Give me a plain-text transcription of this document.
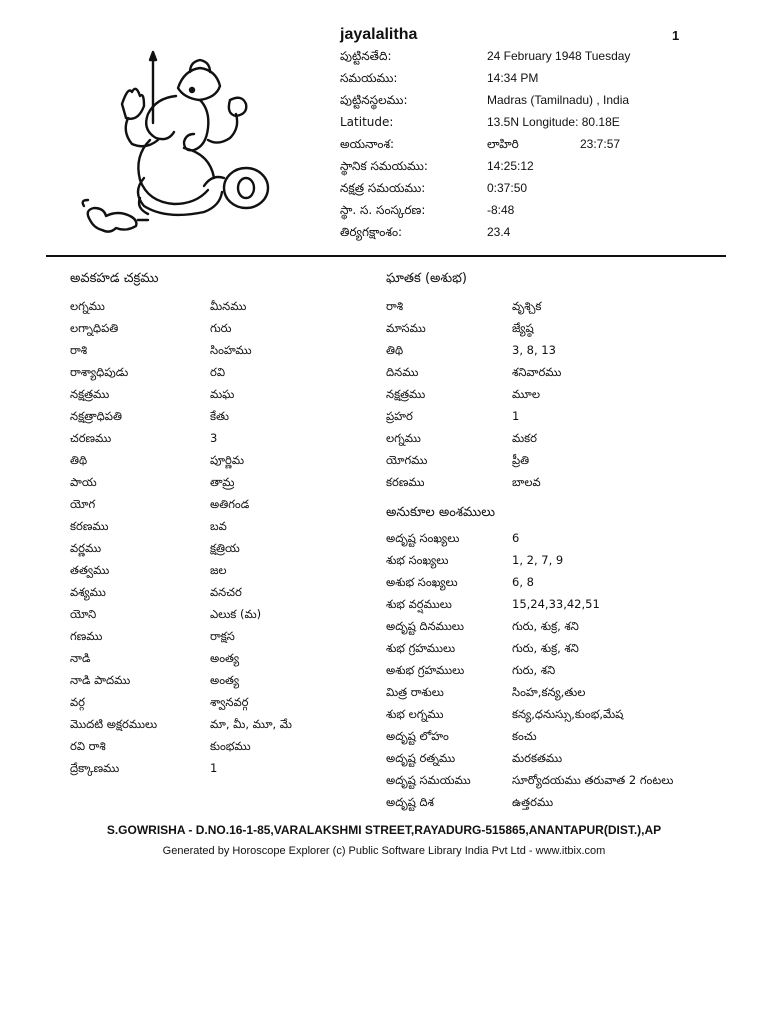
jayalalitha	1
పుట్టినతేది:	24 February 1948 Tuesday
సమయము:	14:34 PM
పుట్టినస్థలము:	Madras (Tamilnadu) , India
Latitude:	13.5N Longitude: 80.18E
అయనాంశ:	లాహిరి	23:7:57
స్థానిక సమయము:	14:25:12
నక్షత్ర సమయము:	0:37:50
స్థా. స. సంస్కరణ:	-8:48
తిర్యగక్షాంశం:	23.4
అవకహడ చక్రము
లగ్నము	మీనము
లగ్నాధిపతి	గురు
రాశి	సింహము
రాశ్యాధిపుడు	రవి
నక్షత్రము	మఘ
నక్షత్రాధిపతి	కేతు
చరణము	3
తిథి	పూర్ణిమ
పాయ	తామ్ర
యోగ	అతిగండ
కరణము	బవ
వర్ణము	క్షత్రియ
తత్వము	జల
వశ్యము	వనచర
యోని	ఎలుక (మ)
గణము	రాక్షస
నాడి	అంత్య
నాడి పాదము	అంత్య
వర్గ	శ్వానవర్గ
మొదటి అక్షరములు	మా, మీ, మూ, మే
రవి రాశి	కుంభము
ద్రేక్కాణము	1
ఘాతక (అశుభ)
రాశి	వృశ్చిక
మాసము	జ్యేష్ఠ
తిథి	3, 8, 13
దినము	శనివారము
నక్షత్రము	మూల
ప్రహర	1
లగ్నము	మకర
యోగము	ప్రీతి
కరణము	బాలవ
అనుకూల అంశములు
అదృష్ట సంఖ్యలు	6
శుభ సంఖ్యలు	1, 2, 7, 9
అశుభ సంఖ్యలు	6, 8
శుభ వర్షములు	15,24,33,42,51
అదృష్ట దినములు	గురు, శుక్ర, శని
శుభ గ్రహములు	గురు, శుక్ర, శని
అశుభ గ్రహములు	గురు, శని
మిత్ర రాశులు	సింహ,కన్య,తుల
శుభ లగ్నము	కన్య,ధనుస్సు,కుంభ,మేష
అదృష్ట లోహం	కంచు
అదృష్ట రత్నము	మరకతము
అదృష్ట సమయము	సూర్యోదయము తరువాత 2 గంటలు
అదృష్ట దిశ	ఉత్తరము
S.GOWRISHA - D.NO.16-1-85,VARALAKSHMI STREET,RAYADURG-515865,ANANTAPUR(DIST.),AP
Generated by Horoscope Explorer (c) Public Software Library India Pvt Ltd - www.itbix.com
